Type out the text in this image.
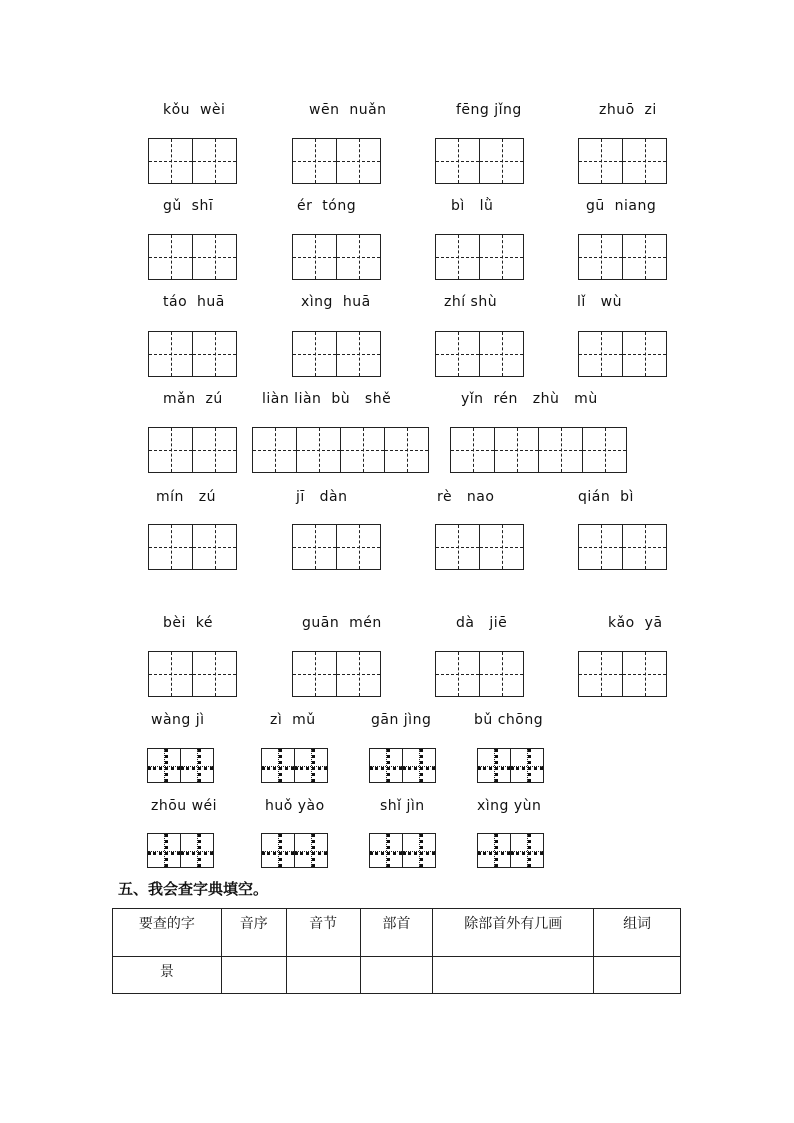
kǒu  wèi	wēn  nuǎn	fēng jǐng	zhuō  zi
gǔ  shī	ér  tóng	bì   lǜ	gū  niang
táo  huā	xìng  huā	zhí shù	lǐ   wù
mǎn  zú	liàn liàn  bù   shě	yǐn  rén   zhù   mù
mín   zú	jī   dàn	rè   nao	qián  bì
bèi  ké	guān  mén	dà   jiē	kǎo  yā
wàng jì	zì  mǔ	gān jìng	bǔ chōng
zhōu wéi	huǒ yào	shǐ jìn	xìng yùn
五、我会查字典填空。
要查的字	音序	音节	部首	除部首外有几画	组词
景					
